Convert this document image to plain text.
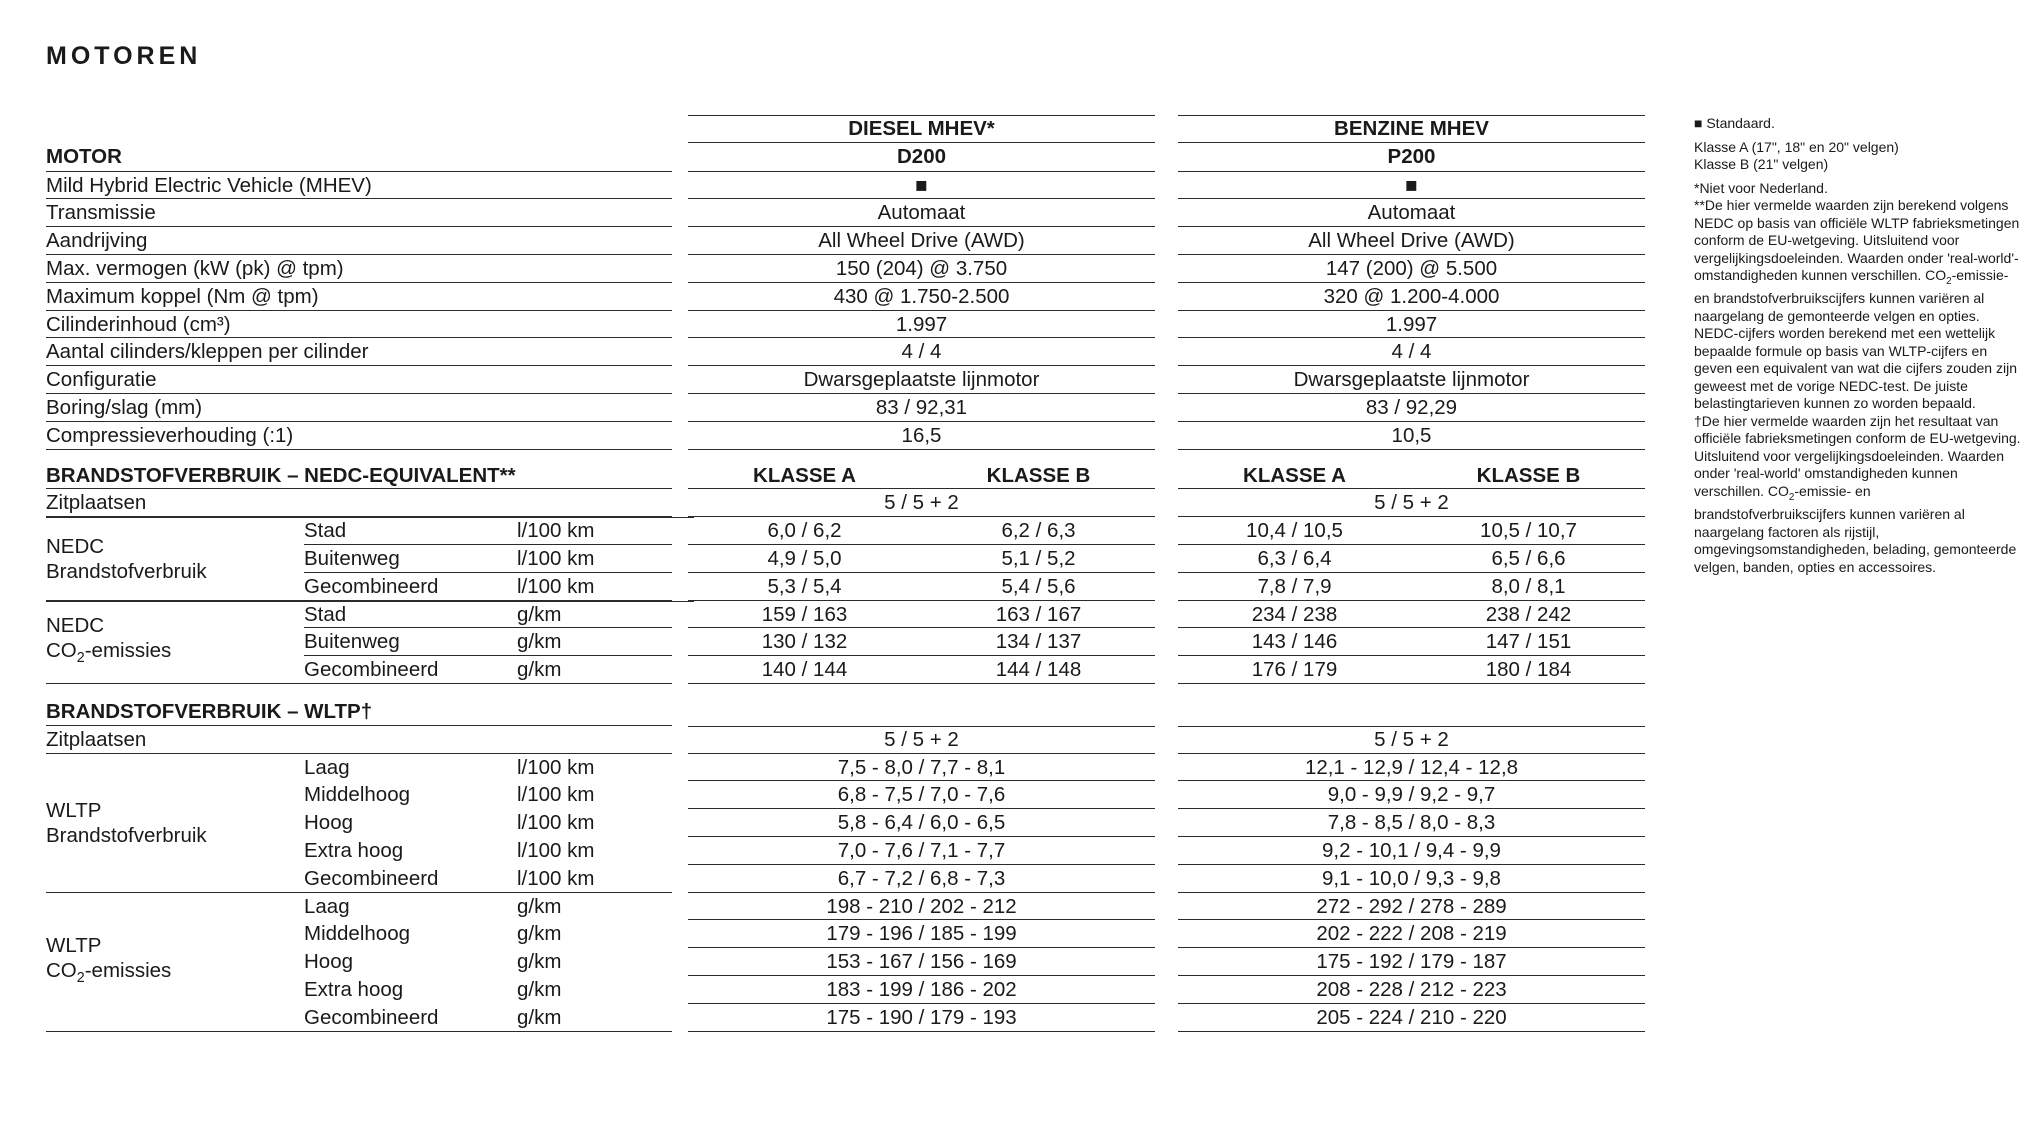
MOTOREN
DIESEL MHEV*	BENZINE MHEV
MOTOR	D200	P200
Mild Hybrid Electric Vehicle (MHEV)	■	■
Transmissie	Automaat	Automaat
Aandrijving	All Wheel Drive (AWD)	All Wheel Drive (AWD)
Max. vermogen (kW (pk) @ tpm)	150 (204) @ 3.750	147 (200) @ 5.500
Maximum koppel (Nm @ tpm)	430 @ 1.750-2.500	320 @ 1.200-4.000
Cilinderinhoud (cm³)	1.997	1.997
Aantal cilinders/kleppen per cilinder	4 / 4	4 / 4
Configuratie	Dwarsgeplaatste lijnmotor	Dwarsgeplaatste lijnmotor
Boring/slag (mm)	83 / 92,31	83 / 92,29
Compressieverhouding (:1)	16,5	10,5
BRANDSTOFVERBRUIK – NEDC-EQUIVALENT**	KLASSE A	KLASSE B	KLASSE A	KLASSE B
Zitplaatsen	5 / 5 + 2	5 / 5 + 2
NEDC
Brandstofverbruik
Stad	l/100 km	6,0 / 6,2	6,2 / 6,3	10,4 / 10,5	10,5 / 10,7
Buitenweg	l/100 km	4,9 / 5,0	5,1 / 5,2	6,3 / 6,4	6,5 / 6,6
Gecombineerd	l/100 km	5,3 / 5,4	5,4 / 5,6	7,8 / 7,9	8,0 / 8,1
NEDC
$CO_2$-emissies
Stad	g/km	159 / 163	163 / 167	234 / 238	238 / 242
Buitenweg	g/km	130 / 132	134 / 137	143 / 146	147 / 151
Gecombineerd	g/km	140 / 144	144 / 148	176 / 179	180 / 184
BRANDSTOFVERBRUIK – WLTP†
Zitplaatsen	5 / 5 + 2	5 / 5 + 2
WLTP
Brandstofverbruik
Laag	l/100 km	7,5 - 8,0 / 7,7 - 8,1	12,1 - 12,9 / 12,4 - 12,8
Middelhoog	l/100 km	6,8 - 7,5 / 7,0 - 7,6	9,0 - 9,9 / 9,2 - 9,7
Hoog	l/100 km	5,8 - 6,4 / 6,0 - 6,5	7,8 - 8,5 / 8,0 - 8,3
Extra hoog	l/100 km	7,0 - 7,6 / 7,1 - 7,7	9,2 - 10,1 / 9,4 - 9,9
Gecombineerd	l/100 km	6,7 - 7,2 / 6,8 - 7,3	9,1 - 10,0 / 9,3 - 9,8
WLTP
$CO_2$-emissies
Laag	g/km	198 - 210 / 202 - 212	272 - 292 / 278 - 289
Middelhoog	g/km	179 - 196 / 185 - 199	202 - 222 / 208 - 219
Hoog	g/km	153 - 167 / 156 - 169	175 - 192 / 179 - 187
Extra hoog	g/km	183 - 199 / 186 - 202	208 - 228 / 212 - 223
Gecombineerd	g/km	175 - 190 / 179 - 193	205 - 224 / 210 - 220

■ Standaard.

Klasse A (17", 18" en 20" velgen)
Klasse B (21" velgen)

*Niet voor Nederland.

**De hier vermelde waarden zijn berekend volgens NEDC op basis van officiële WLTP fabrieksmetingen conform de EU-wetgeving. Uitsluitend voor vergelijkingsdoeleinden. Waarden onder 'real-world'-omstandigheden kunnen verschillen. $CO_2-emissie-$ en brandstofverbruikscijfers kunnen variëren al naargelang de gemonteerde velgen en opties. NEDC-cijfers worden berekend met een wettelijk bepaalde formule op basis van WLTP-cijfers en geven een equivalent van wat die cijfers zouden zijn geweest met de vorige NEDC-test. De juiste belastingtarieven kunnen zo worden bepaald.

†De hier vermelde waarden zijn het resultaat van officiële fabrieksmetingen conform de EU-wetgeving. Uitsluitend voor vergelijkingsdoeleinden. Waarden onder 'real-world' omstandigheden kunnen verschillen. $CO_2-emissie-$ en brandstofverbruikscijfers kunnen variëren al naargelang factoren als rijstijl, omgevingsomstandigheden, belading, gemonteerde velgen, banden, opties en accessoires.
